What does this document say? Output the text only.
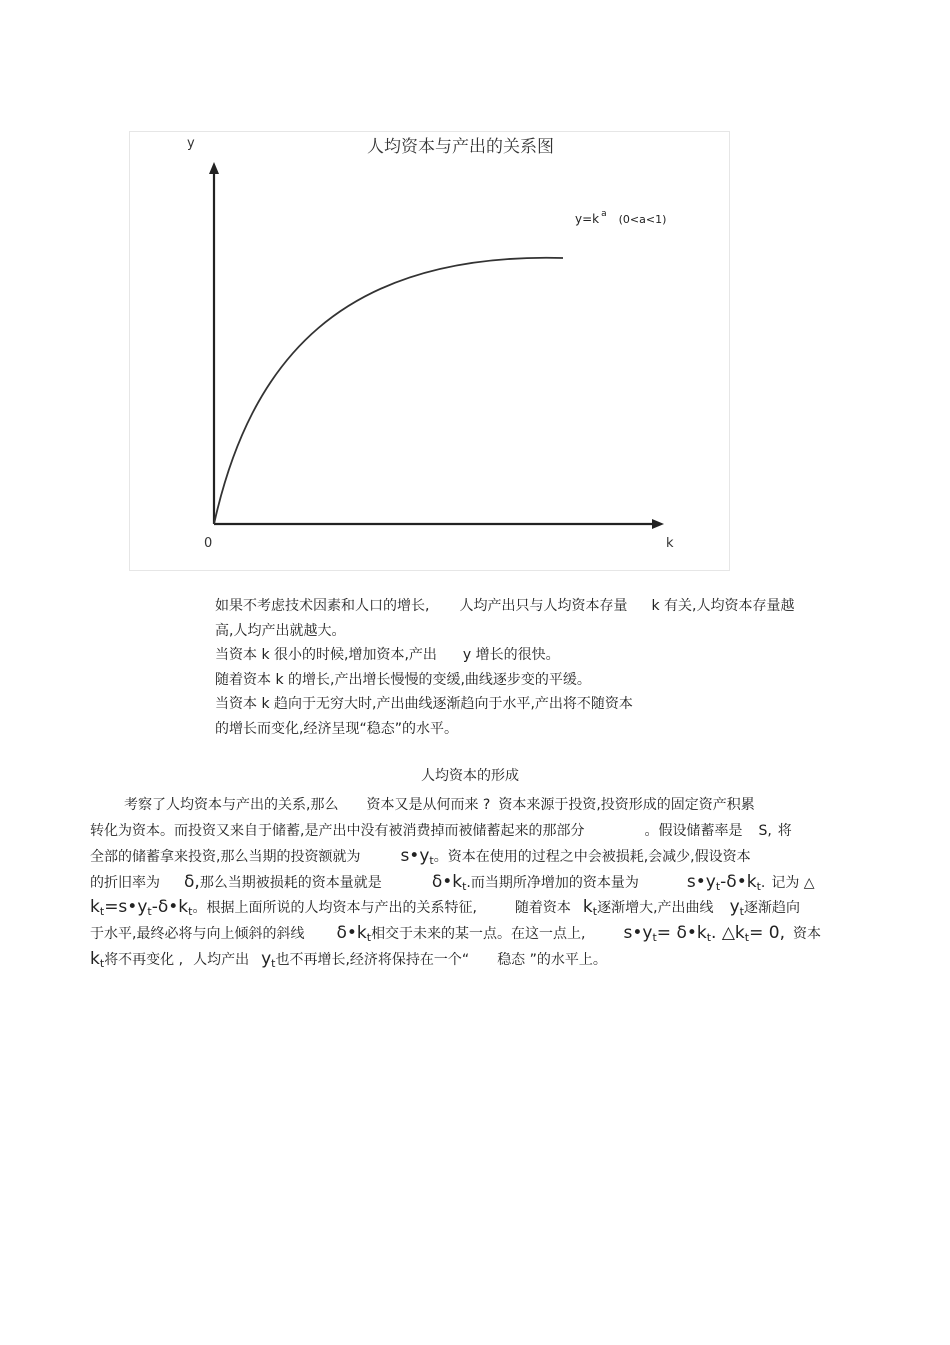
人均资本与产出的关系图
y
y=k $^a$ (0<a<1)
0	k

如果不考虑技术因素和人口的增长, 人均产出只与人均资本存量 k 有关,人均资本存量越

高,人均产出就越大。

当资本 k 很小的时候,增加资本,产出 y 增长的很快。

随着资本 k 的增长,产出增长慢慢的变缓,曲线逐步变的平缓。

当资本 k 趋向于无穷大时,产出曲线逐渐趋向于水平,产出将不随资本

的增长而变化,经济呈现“稳态”的水平。

人均资本的形成
考察了人均资本与产出的关系,那么 资本又是从何而来 ? 资本来源于投资,投资形成的固定资产积累
转化为资本。而投资又来自于储蓄,是产出中没有被消费掉而被储蓄起来的那部分	。假设储蓄率是 S, 将
全部的储蓄拿来投资,那么当期的投资额就为 $s•y_t$。资本在使用的过程之中会被损耗,会减少,假设资本
的折旧率为 δ,那么当期被损耗的资本量就是	$\delta•k_t$.而当期所净增加的资本量为	$s•y_t-\delta•k_t$. 记为 △
$k_t=s•y_t-\delta•k_t$。根据上面所说的人均资本与产出的关系特征,	随着资本 $k_t$逐渐增大,产出曲线 $y_t$逐渐趋向
于水平,最终必将与向上倾斜的斜线 $\delta•k_t$相交于未来的某一点。在这一点上, $s•y_t=$ $\delta•k_t$. $\triangle k_t= 0$, 资本
$k_t$将不再变化 , 人均产出 $y_t$也不再增长,经济将保持在一个“ 稳态 ”的水平上。
